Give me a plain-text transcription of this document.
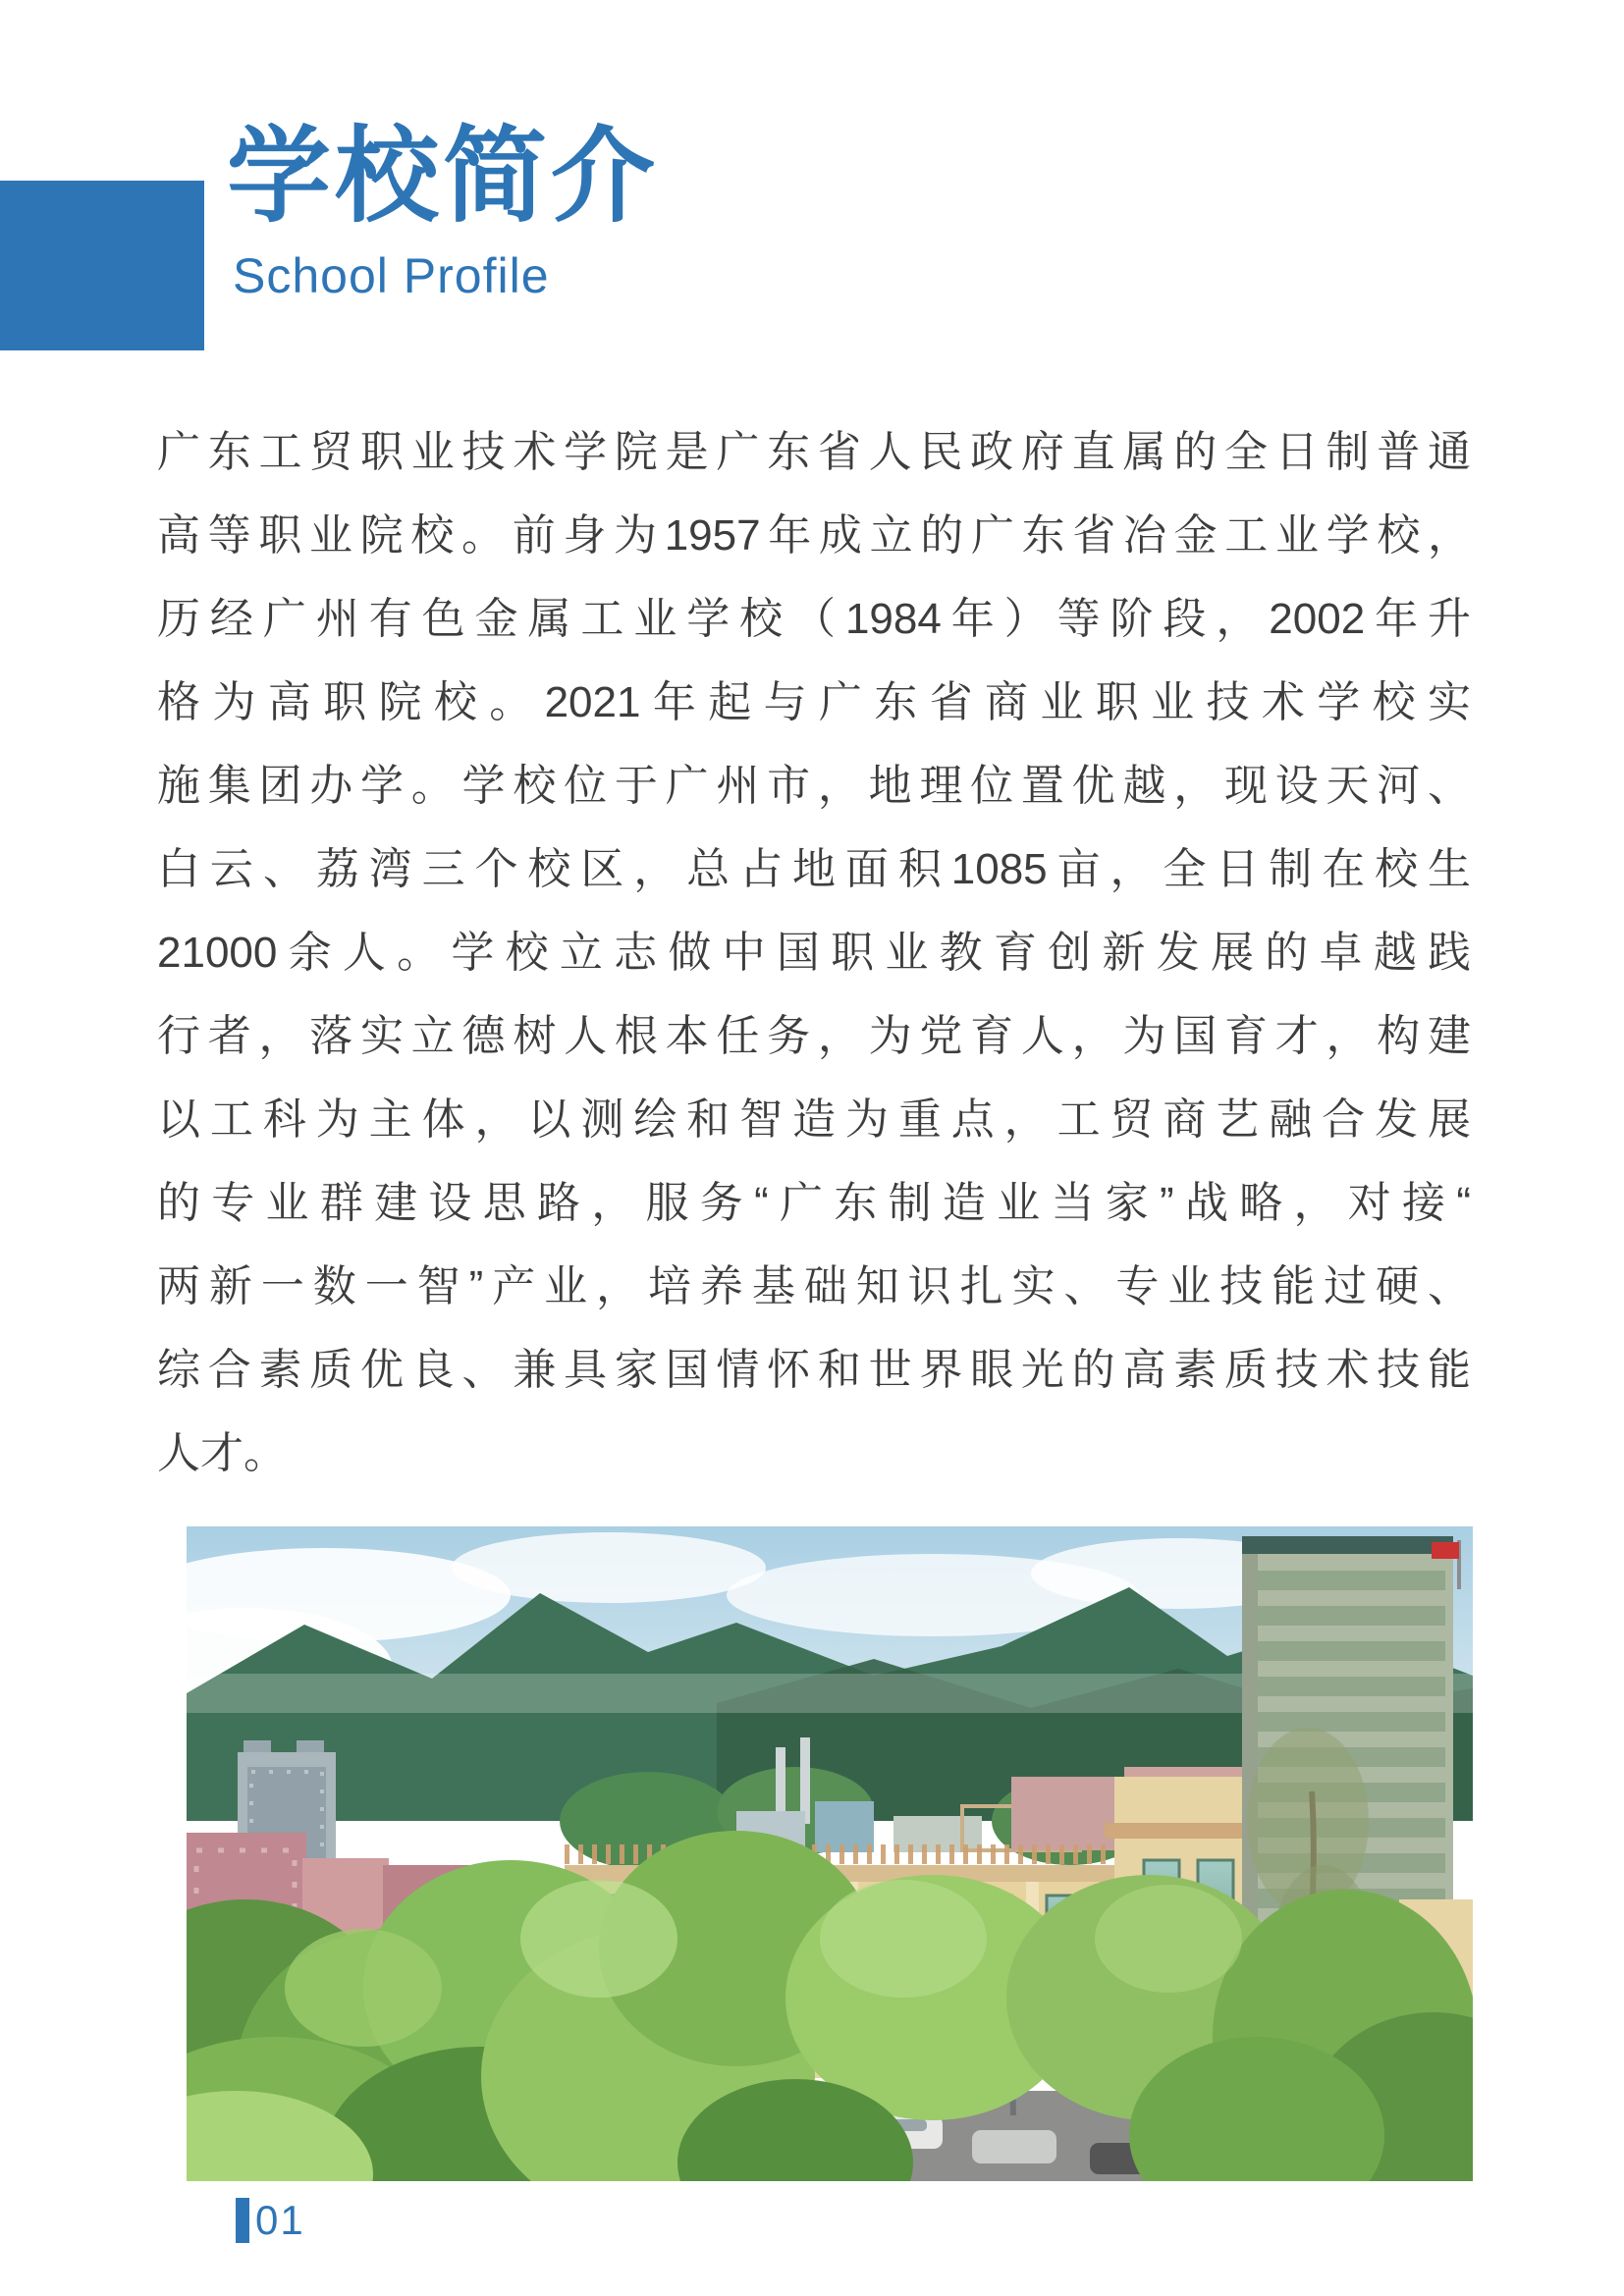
学校简介
School Profile
广东工贸职业技术学院是广东省人民政府直属的全日制普通
高等职业院校。前身为1957年成立的广东省冶金工业学校，
历经广州有色金属工业学校（1984年）等阶段，2002年升
格为高职院校。2021年起与广东省商业职业技术学校实
施集团办学。学校位于广州市，地理位置优越，现设天河、
白云、荔湾三个校区，总占地面积1085亩，全日制在校生
21000余人。学校立志做中国职业教育创新发展的卓越践
行者，落实立德树人根本任务，为党育人，为国育才，构建
以工科为主体，以测绘和智造为重点，工贸商艺融合发展
的专业群建设思路，服务“广东制造业当家”战略，对接“
两新一数一智”产业，培养基础知识扎实、专业技能过硬、
综合素质优良、兼具家国情怀和世界眼光的高素质技术技能
人才。
01
